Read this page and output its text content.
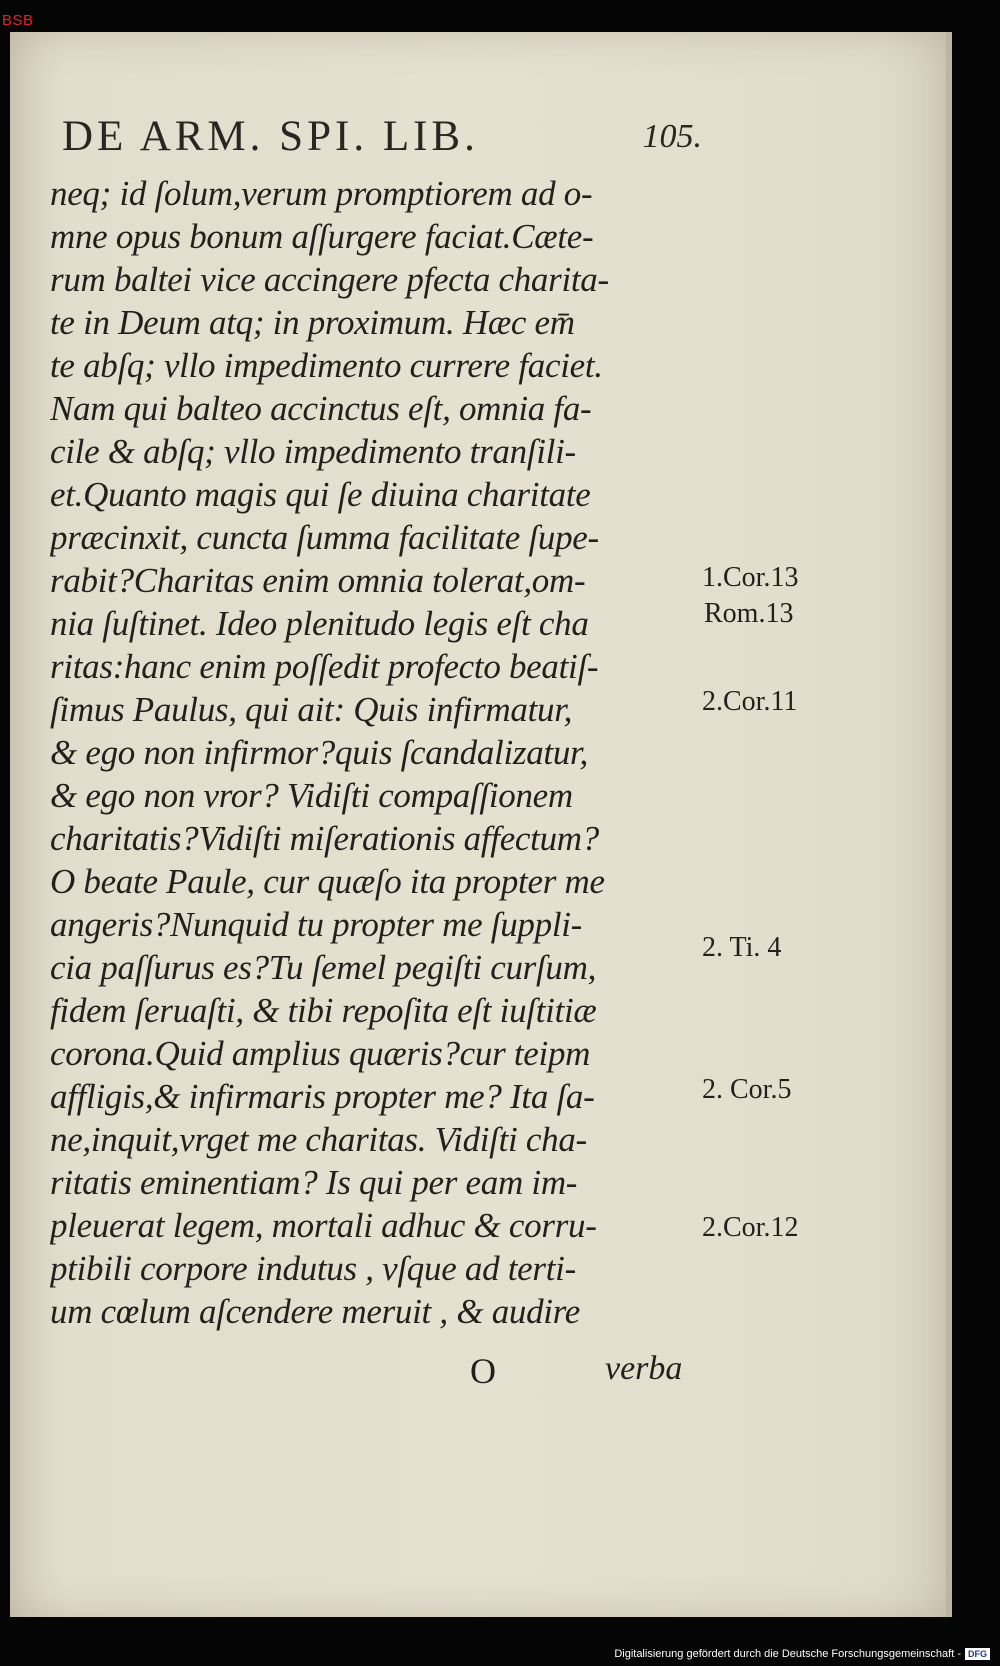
BSB
DE ARM. SPI. LIB.	105.
neq; id ſolum,verum promptiorem ad o-
mne opus bonum aſſurgere faciat.Cæte-
rum baltei vice accingere pfecta charita-
te in Deum atq; in proximum. Hæc em̄
te abſq; vllo impedimento currere faciet.
Nam qui balteo accinctus eſt, omnia fa-
cile & abſq; vllo impedimento tranſili-
et.Quanto magis qui ſe diuina charitate
præcinxit, cuncta ſumma facilitate ſupe-
rabit?Charitas enim omnia tolerat,om-
nia ſuſtinet. Ideo plenitudo legis eſt cha
ritas:hanc enim poſſedit profecto beatiſ-
ſimus Paulus, qui ait: Quis infirmatur,
& ego non infirmor?quis ſcandalizatur,
& ego non vror? Vidiſti compaſſionem
charitatis?Vidiſti miſerationis affectum?
O beate Paule, cur quæſo ita propter me
angeris?Nunquid tu propter me ſuppli-
cia paſſurus es?Tu ſemel pegiſti curſum,
fidem ſeruaſti, & tibi repoſita eſt iuſtitiæ
corona.Quid amplius quæris?cur teipm
affligis,& infirmaris propter me? Ita ſa-
ne,inquit,vrget me charitas. Vidiſti cha-
ritatis eminentiam? Is qui per eam im-
pleuerat legem, mortali adhuc & corru-
ptibili corpore indutus , vſque ad terti-
um cœlum aſcendere meruit , & audire
O	verba
1.Cor.13
Rom.13
2.Cor.11
2. Ti. 4
2. Cor.5
2.Cor.12
Digitalisierung gefördert durch die Deutsche Forschungsgemeinschaft - DFG
